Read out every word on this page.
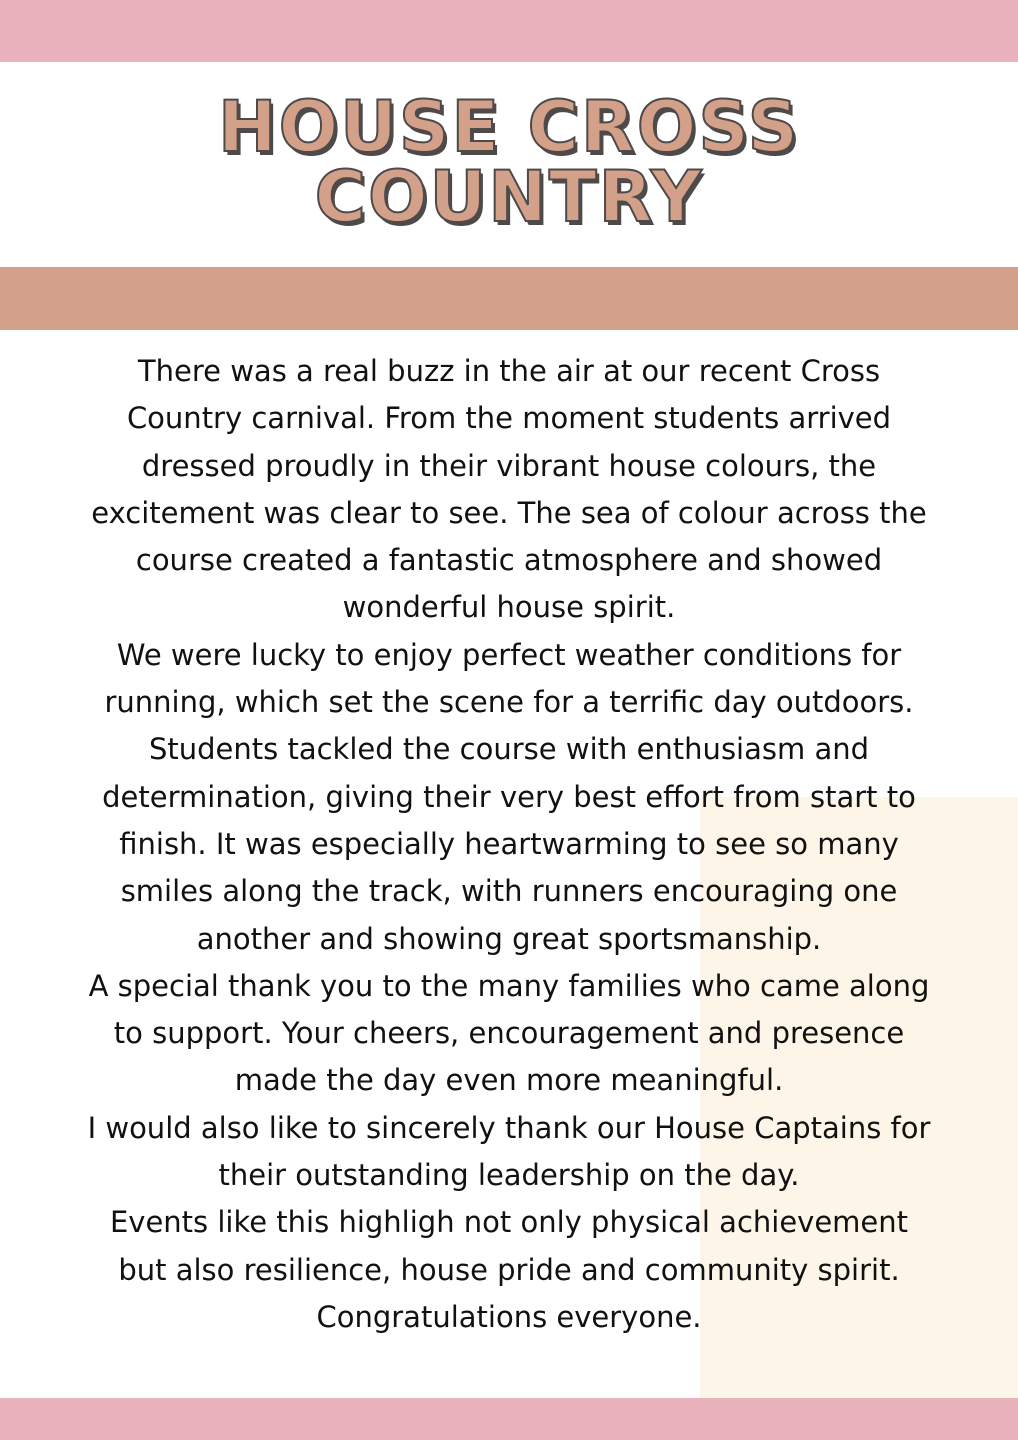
HOUSE CROSS
COUNTRY

There was a real buzz in the air at our recent Cross
Country carnival. From the moment students arrived
dressed proudly in their vibrant house colours, the
excitement was clear to see. The sea of colour across the
course created a fantastic atmosphere and showed
wonderful house spirit.

We were lucky to enjoy perfect weather conditions for
running, which set the scene for a terrific day outdoors.
Students tackled the course with enthusiasm and
determination, giving their very best effort from start to
finish. It was especially heartwarming to see so many
smiles along the track, with runners encouraging one
another and showing great sportsmanship.

A special thank you to the many families who came along
to support. Your cheers, encouragement and presence
made the day even more meaningful.

I would also like to sincerely thank our House Captains for
their outstanding leadership on the day.

Events like this highligh not only physical achievement
but also resilience, house pride and community spirit.
Congratulations everyone.
